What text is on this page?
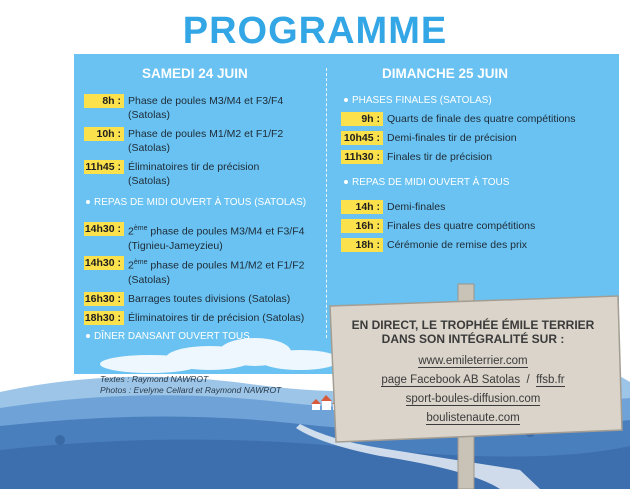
PROGRAMME
SAMEDI 24 JUIN
8h : Phase de poules M3/M4 et F3/F4
(Satolas)
10h : Phase de poules M1/M2 et F1/F2
(Satolas)
11h45 : Éliminatoires tir de précision
(Satolas)
REPAS DE MIDI OUVERT À TOUS (SATOLAS)
14h30 : 2ème phase de poules M3/M4 et F3/F4
(Tignieu-Jameyzieu)
14h30 : 2ème phase de poules M1/M2 et F1/F2
(Satolas)
16h30 : Barrages toutes divisions (Satolas)
18h30 : Éliminatoires tir de précision (Satolas)
DÎNER DANSANT OUVERT TOUS
DIMANCHE 25 JUIN
PHASES FINALES (SATOLAS)
9h : Quarts de finale des quatre compétitions
10h45 : Demi-finales tir de précision
11h30 : Finales tir de précision
REPAS DE MIDI OUVERT À TOUS
14h : Demi-finales
16h : Finales des quatre compétitions
18h : Cérémonie de remise des prix
Textes : Raymond NAWROT
Photos : Evelyne Cellard et Raymond NAWROT
EN DIRECT, LE TROPHÉE ÉMILE TERRIER
DANS SON INTÉGRALITÉ SUR :
www.emileterrier.com
page Facebook AB Satolas / ffsb.fr
sport-boules-diffusion.com
boulistenaute.com
